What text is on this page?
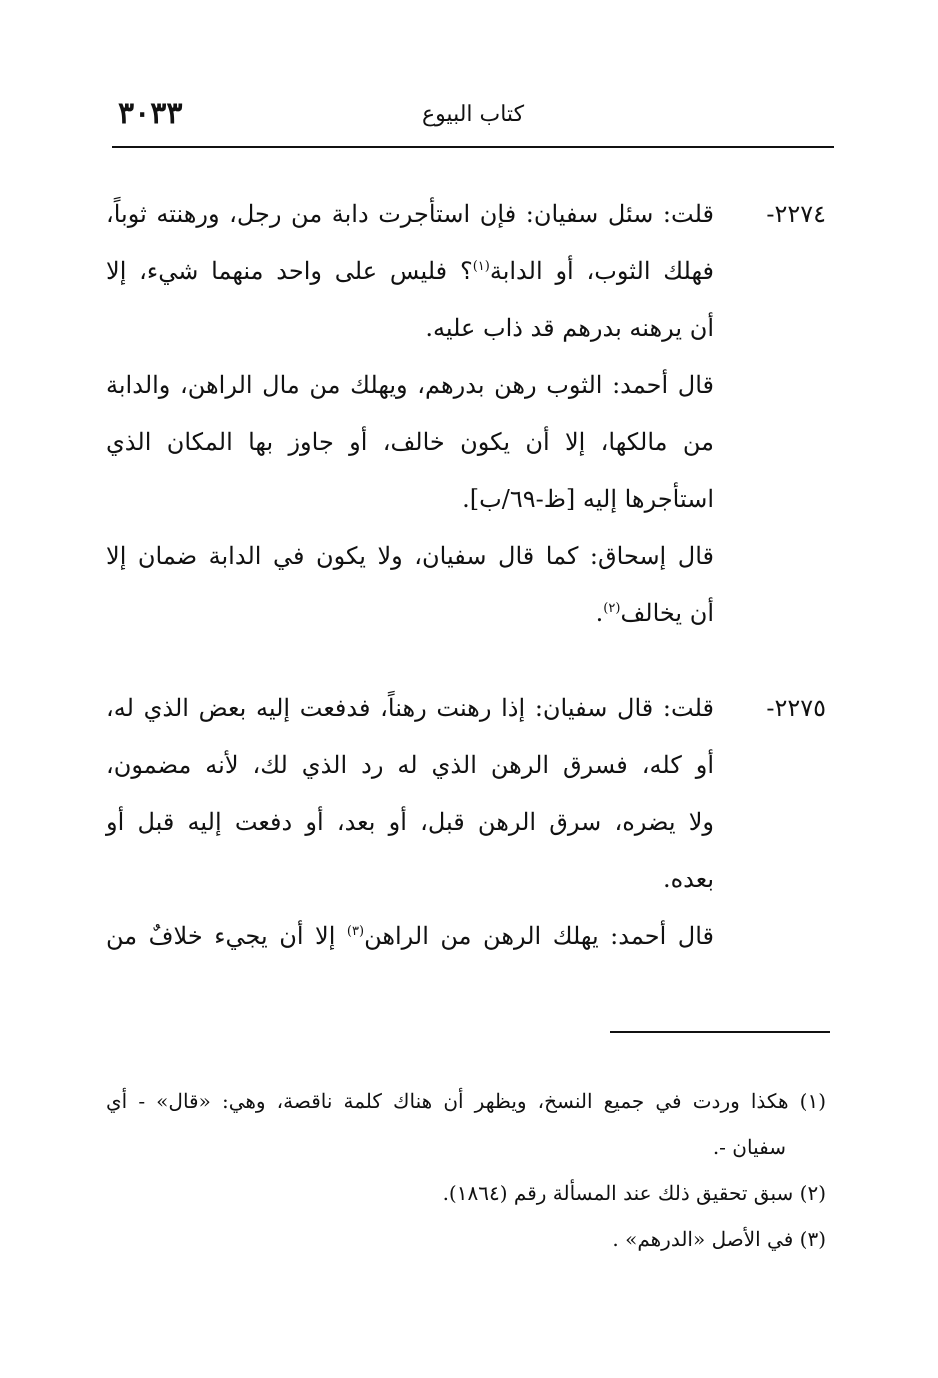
٣٠٣٣	كتاب البيوع
٢٢٧٤-
قلت: سئل سفيان: فإن استأجرت دابة من رجل، ورهنته ثوباً،
فهلك الثوب، أو الدابة$^{(١)}$؟ فليس على واحد منهما شيء، إلا
أن يرهنه بدرهم قد ذاب عليه.
قال أحمد: الثوب رهن بدرهم، ويهلك من مال الراهن، والدابة
من مالكها، إلا أن يكون خالف، أو جاوز بها المكان الذي
استأجرها إليه [ظ-٦٩/ب].
قال إسحاق: كما قال سفيان، ولا يكون في الدابة ضمان إلا
أن يخالف$^{(٢)}$.
٢٢٧٥-
قلت: قال سفيان: إذا رهنت رهناً، فدفعت إليه بعض الذي له،
أو كله، فسرق الرهن الذي له رد الذي لك، لأنه مضمون،
ولا يضره، سرق الرهن قبل، أو بعد، أو دفعت إليه قبل أو
بعده.
قال أحمد: يهلك الرهن من الراهن$^{(٣)}$ إلا أن يجيء خلافٌ من
(١) هكذا وردت في جميع النسخ، ويظهر أن هناك كلمة ناقصة، وهي: «قال» - أي
سفيان -.
(٢) سبق تحقيق ذلك عند المسألة رقم (١٨٦٤).
(٣) في الأصل «الدرهم» .
